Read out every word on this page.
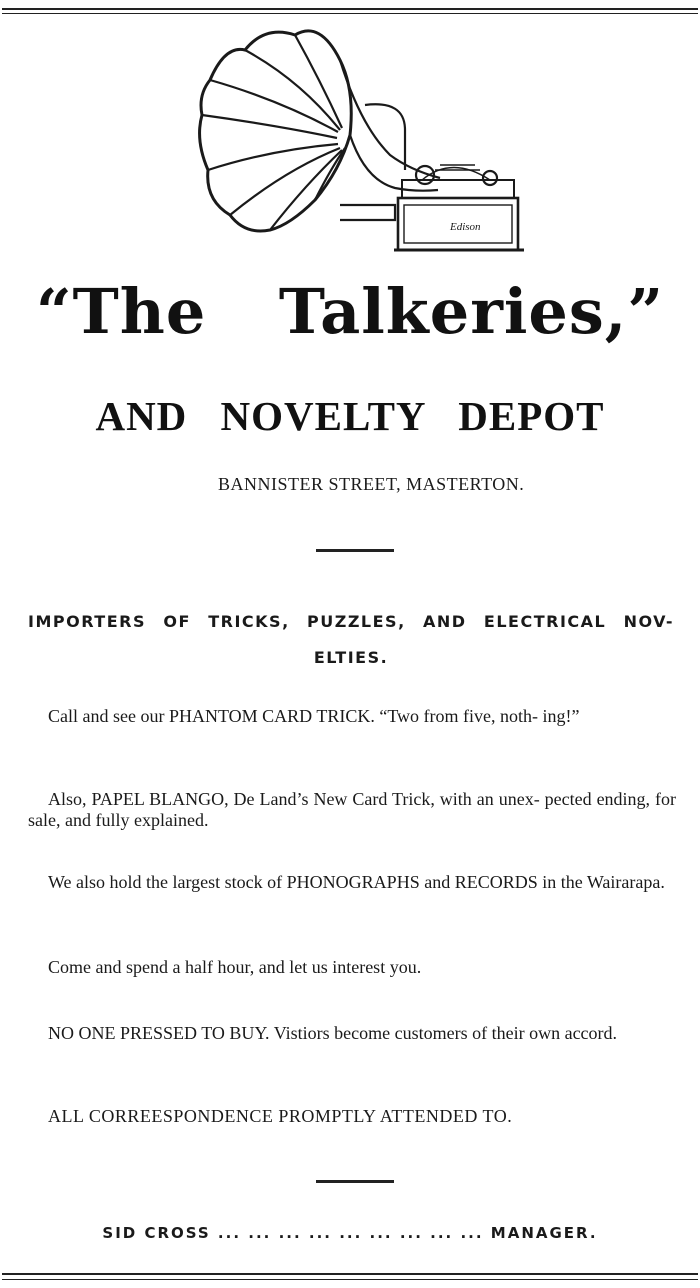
Edison
“The Talkeries,”
AND NOVELTY DEPOT
BANNISTER STREET, MASTERTON.
IMPORTERS OF TRICKS, PUZZLES, AND ELECTRICAL NOV- ELTIES.
Call and see our PHANTOM CARD TRICK. “Two from five, noth- ing!”
Also, PAPEL BLANGO, De Land’s New Card Trick, with an unex- pected ending, for sale, and fully explained.
We also hold the largest stock of PHONOGRAPHS and RECORDS in the Wairarapa.
Come and spend a half hour, and let us interest you.
NO ONE PRESSED TO BUY. Vistiors become customers of their own accord.
ALL CORREESPONDENCE PROMPTLY ATTENDED TO.
SID CROSS ... ... ... ... ... ... ... ... ... MANAGER.
